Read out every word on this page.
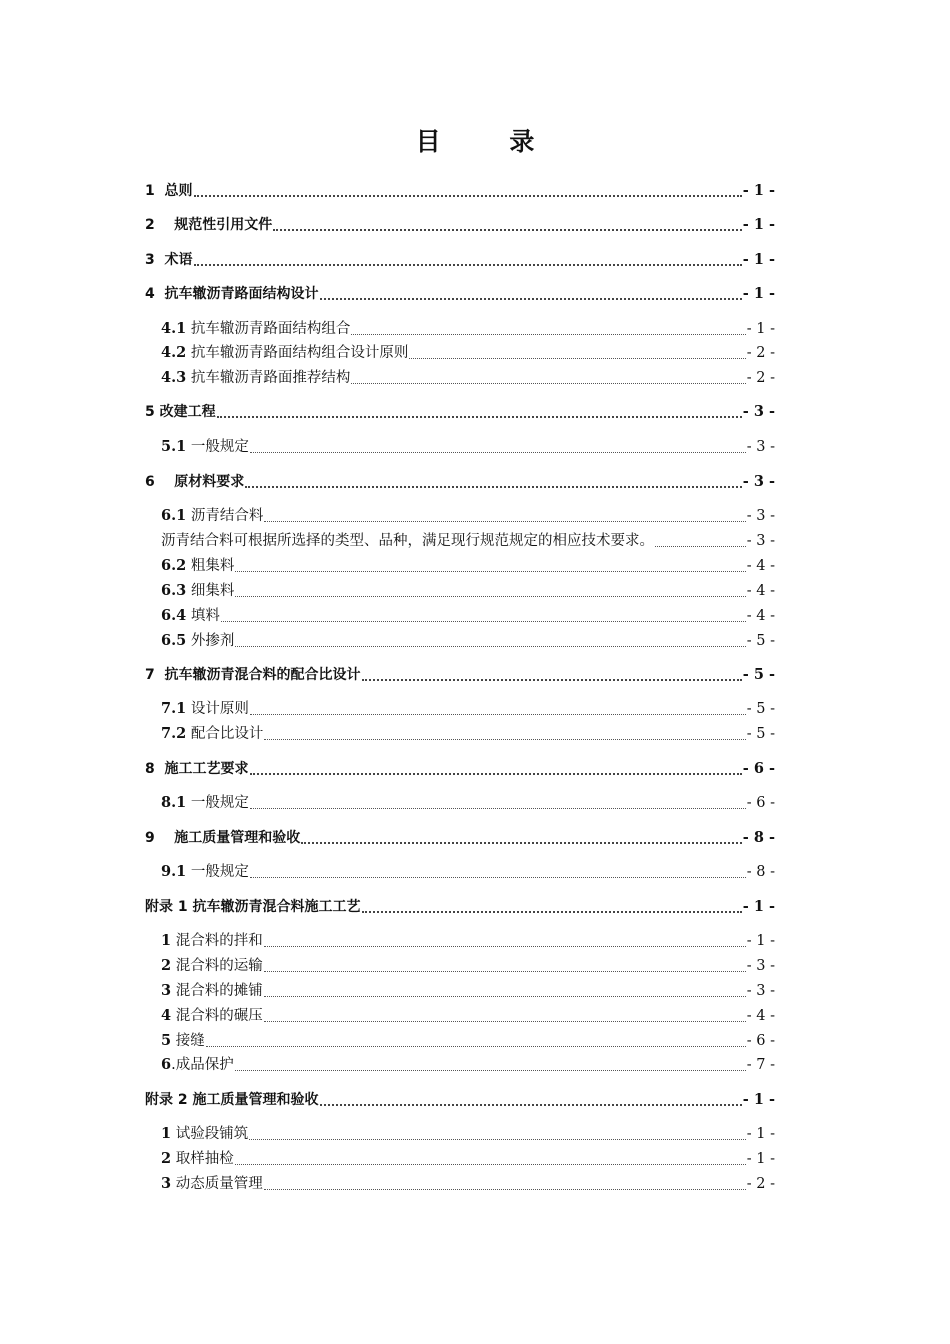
目 录
1  总则	- 1 -
2    规范性引用文件	- 1 -
3  术语	- 1 -
4  抗车辙沥青路面结构设计	- 1 -
4.1 抗车辙沥青路面结构组合	- 1 -
4.2 抗车辙沥青路面结构组合设计原则	- 2 -
4.3 抗车辙沥青路面推荐结构	- 2 -
5 改建工程	- 3 -
5.1 一般规定	- 3 -
6    原材料要求	- 3 -
6.1 沥青结合料	- 3 -
沥青结合料可根据所选择的类型、品种，满足现行规范规定的相应技术要求。	- 3 -
6.2 粗集料	- 4 -
6.3 细集料	- 4 -
6.4 填料	- 4 -
6.5 外掺剂	- 5 -
7  抗车辙沥青混合料的配合比设计	- 5 -
7.1 设计原则	- 5 -
7.2 配合比设计	- 5 -
8  施工工艺要求	- 6 -
8.1 一般规定	- 6 -
9    施工质量管理和验收	- 8 -
9.1 一般规定	- 8 -
附录 1 抗车辙沥青混合料施工工艺	- 1 -
1 混合料的拌和	- 1 -
2 混合料的运输	- 3 -
3 混合料的摊铺	- 3 -
4 混合料的碾压	- 4 -
5 接缝	- 6 -
6.成品保护	- 7 -
附录 2 施工质量管理和验收	- 1 -
1 试验段铺筑	- 1 -
2 取样抽检	- 1 -
3 动态质量管理	- 2 -
